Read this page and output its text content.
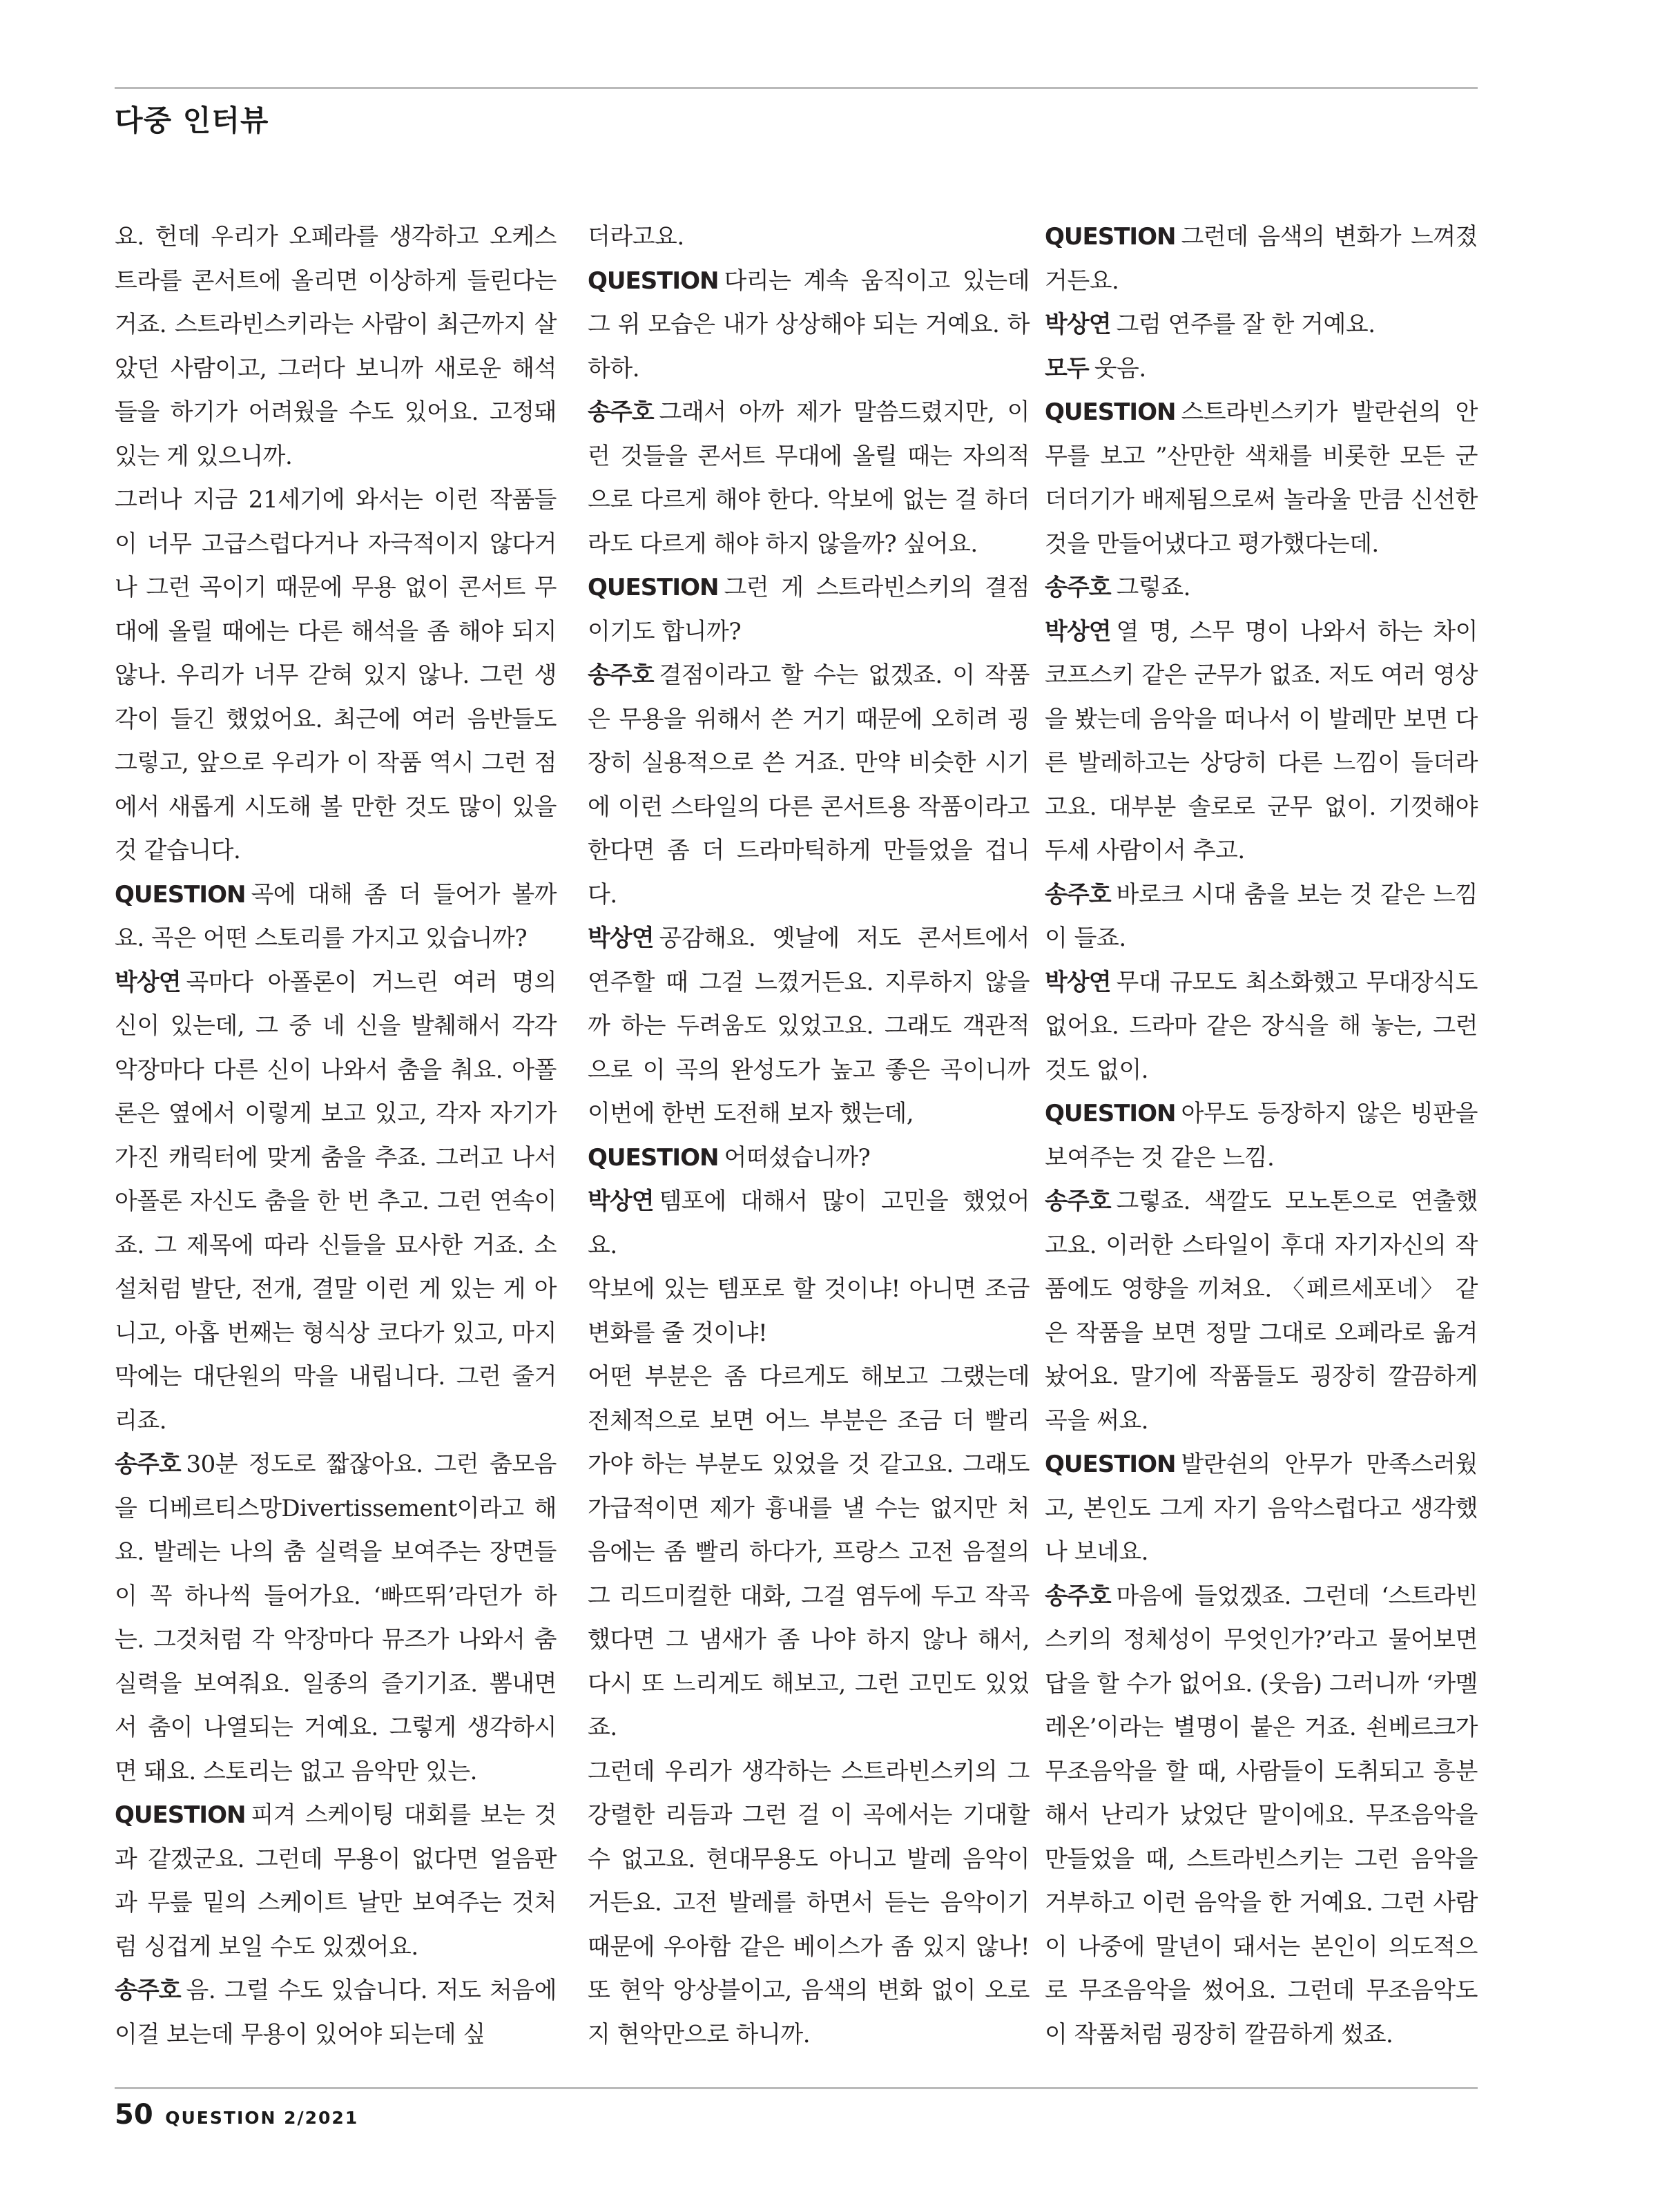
다중 인터뷰

요. 헌데 우리가 오페라를 생각하고 오케스트라를 콘서트에 올리면 이상하게 들린다는 거죠. 스트라빈스키라는 사람이 최근까지 살았던 사람이고, 그러다 보니까 새로운 해석들을 하기가 어려웠을 수도 있어요. 고정돼 있는 게 있으니까.

그러나 지금 21세기에 와서는 이런 작품들이 너무 고급스럽다거나 자극적이지 않다거나 그런 곡이기 때문에 무용 없이 콘서트 무대에 올릴 때에는 다른 해석을 좀 해야 되지 않나. 우리가 너무 갇혀 있지 않나. 그런 생각이 들긴 했었어요. 최근에 여러 음반들도 그렇고, 앞으로 우리가 이 작품 역시 그런 점에서 새롭게 시도해 볼 만한 것도 많이 있을 것 같습니다.

QUESTION 곡에 대해 좀 더 들어가 볼까요. 곡은 어떤 스토리를 가지고 있습니까?

박상연 곡마다 아폴론이 거느린 여러 명의 신이 있는데, 그 중 네 신을 발췌해서 각각 악장마다 다른 신이 나와서 춤을 춰요. 아폴론은 옆에서 이렇게 보고 있고, 각자 자기가 가진 캐릭터에 맞게 춤을 추죠. 그러고 나서 아폴론 자신도 춤을 한 번 추고. 그런 연속이죠. 그 제목에 따라 신들을 묘사한 거죠. 소설처럼 발단, 전개, 결말 이런 게 있는 게 아니고, 아홉 번째는 형식상 코다가 있고, 마지막에는 대단원의 막을 내립니다. 그런 줄거리죠.

송주호 30분 정도로 짧잖아요. 그런 춤모음을 디베르티스망Divertissement이라고 해요. 발레는 나의 춤 실력을 보여주는 장면들이 꼭 하나씩 들어가요. ‘빠뜨뛰’라던가 하는. 그것처럼 각 악장마다 뮤즈가 나와서 춤 실력을 보여줘요. 일종의 즐기기죠. 뽐내면서 춤이 나열되는 거예요. 그렇게 생각하시면 돼요. 스토리는 없고 음악만 있는.

QUESTION 피겨 스케이팅 대회를 보는 것과 같겠군요. 그런데 무용이 없다면 얼음판과 무릎 밑의 스케이트 날만 보여주는 것처럼 싱겁게 보일 수도 있겠어요.

송주호 음. 그럴 수도 있습니다. 저도 처음에 이걸 보는데 무용이 있어야 되는데 싶

더라고요.

QUESTION 다리는 계속 움직이고 있는데 그 위 모습은 내가 상상해야 되는 거예요. 하하하.

송주호 그래서 아까 제가 말씀드렸지만, 이런 것들을 콘서트 무대에 올릴 때는 자의적으로 다르게 해야 한다. 악보에 없는 걸 하더라도 다르게 해야 하지 않을까? 싶어요.

QUESTION 그런 게 스트라빈스키의 결점이기도 합니까?

송주호 결점이라고 할 수는 없겠죠. 이 작품은 무용을 위해서 쓴 거기 때문에 오히려 굉장히 실용적으로 쓴 거죠. 만약 비슷한 시기에 이런 스타일의 다른 콘서트용 작품이라고 한다면 좀 더 드라마틱하게 만들었을 겁니다.

박상연 공감해요. 옛날에 저도 콘서트에서 연주할 때 그걸 느꼈거든요. 지루하지 않을까 하는 두려움도 있었고요. 그래도 객관적으로 이 곡의 완성도가 높고 좋은 곡이니까 이번에 한번 도전해 보자 했는데,

QUESTION 어떠셨습니까?

박상연 템포에 대해서 많이 고민을 했었어요.

악보에 있는 템포로 할 것이냐! 아니면 조금 변화를 줄 것이냐!

어떤 부분은 좀 다르게도 해보고 그랬는데 전체적으로 보면 어느 부분은 조금 더 빨리 가야 하는 부분도 있었을 것 같고요. 그래도 가급적이면 제가 흉내를 낼 수는 없지만 처음에는 좀 빨리 하다가, 프랑스 고전 음절의 그 리드미컬한 대화, 그걸 염두에 두고 작곡했다면 그 냄새가 좀 나야 하지 않나 해서, 다시 또 느리게도 해보고, 그런 고민도 있었죠.

그런데 우리가 생각하는 스트라빈스키의 그 강렬한 리듬과 그런 걸 이 곡에서는 기대할 수 없고요. 현대무용도 아니고 발레 음악이거든요. 고전 발레를 하면서 듣는 음악이기 때문에 우아함 같은 베이스가 좀 있지 않나! 또 현악 앙상블이고, 음색의 변화 없이 오로지 현악만으로 하니까.

QUESTION 그런데 음색의 변화가 느껴졌거든요.

박상연 그럼 연주를 잘 한 거예요.

모두 웃음.

QUESTION 스트라빈스키가 발란쉰의 안무를 보고 ”산만한 색채를 비롯한 모든 군더더기가 배제됨으로써 놀라울 만큼 신선한 것을 만들어냈다고 평가했다는데.

송주호 그렇죠.

박상연 열 명, 스무 명이 나와서 하는 차이코프스키 같은 군무가 없죠. 저도 여러 영상을 봤는데 음악을 떠나서 이 발레만 보면 다른 발레하고는 상당히 다른 느낌이 들더라고요. 대부분 솔로로 군무 없이. 기껏해야 두세 사람이서 추고.

송주호 바로크 시대 춤을 보는 것 같은 느낌이 들죠.

박상연 무대 규모도 최소화했고 무대장식도 없어요. 드라마 같은 장식을 해 놓는, 그런 것도 없이.

QUESTION 아무도 등장하지 않은 빙판을 보여주는 것 같은 느낌.

송주호 그렇죠. 색깔도 모노톤으로 연출했고요. 이러한 스타일이 후대 자기자신의 작품에도 영향을 끼쳐요. 〈페르세포네〉 같은 작품을 보면 정말 그대로 오페라로 옮겨 놨어요. 말기에 작품들도 굉장히 깔끔하게 곡을 써요.

QUESTION 발란쉰의 안무가 만족스러웠고, 본인도 그게 자기 음악스럽다고 생각했나 보네요.

송주호 마음에 들었겠죠. 그런데 ‘스트라빈스키의 정체성이 무엇인가?’라고 물어보면 답을 할 수가 없어요. (웃음) 그러니까 ‘카멜레온’이라는 별명이 붙은 거죠. 쇤베르크가 무조음악을 할 때, 사람들이 도취되고 흥분해서 난리가 났었단 말이에요. 무조음악을 만들었을 때, 스트라빈스키는 그런 음악을 거부하고 이런 음악을 한 거예요. 그런 사람이 나중에 말년이 돼서는 본인이 의도적으로 무조음악을 썼어요. 그런데 무조음악도 이 작품처럼 굉장히 깔끔하게 썼죠.

50 QUESTION 2/2021
